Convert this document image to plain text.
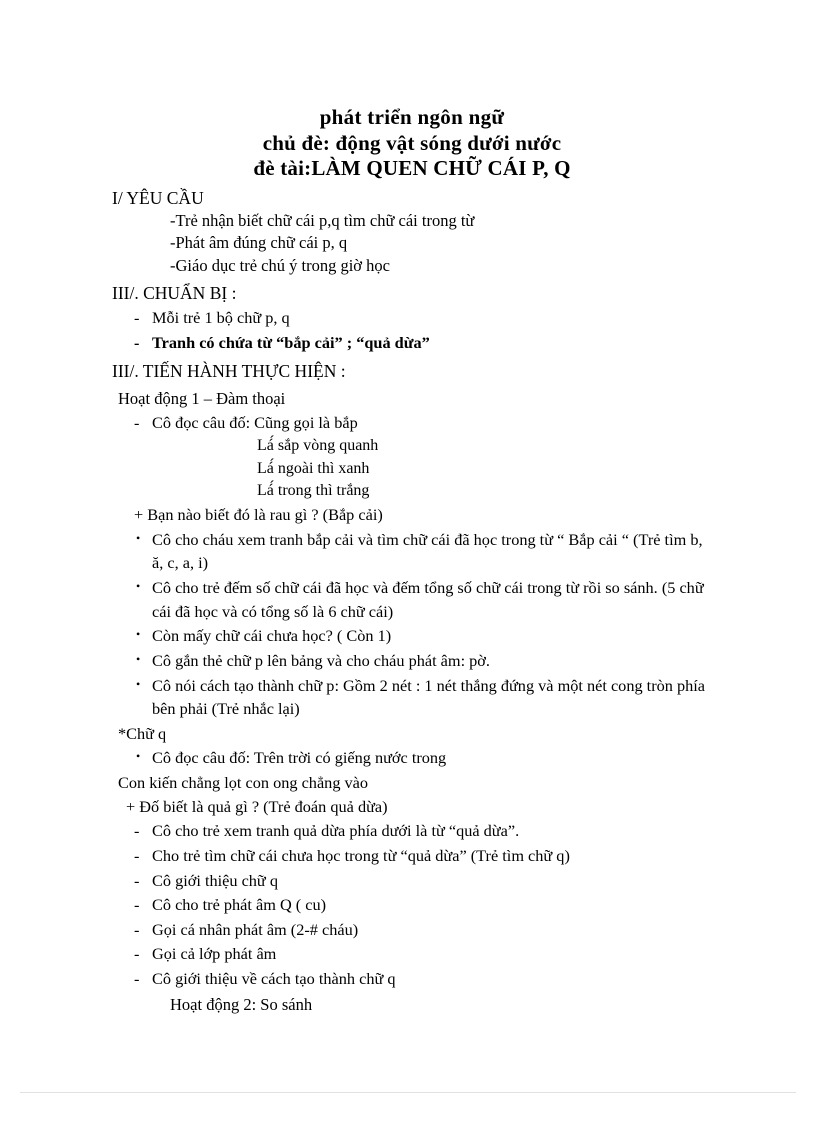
phát triển ngôn ngữ
chủ đè: động vật sóng dưới nước
đè tài:LÀM QUEN CHỮ CÁI P, Q
I/ YÊU CẦU
-Trẻ nhận biết chữ cái p,q tìm chữ cái trong từ
-Phát âm đúng chữ cái p, q
-Giáo dục trẻ chú ý trong giờ học
III/. CHUẨN BỊ :
- Mỗi trẻ 1 bộ chữ p, q
- Tranh có chứa từ “bắp cải” ; “quả dừa”
III/. TIẾN HÀNH THỰC HIỆN :
Hoạt động 1 – Đàm thoại
- Cô đọc câu đố: Cũng gọi là bắp
Lá́ sắp vòng quanh
Lá́ ngoài thì xanh
Lá́ trong thì trắng
+ Bạn nào biết đó là rau gì ? (Bắp cải)
• Cô cho cháu xem tranh bắp cải và tìm chữ cái đã học trong từ “ Bắp cải “ (Trẻ tìm b, ă, c, a, i)
• Cô cho trẻ đếm số chữ cái đã học và đếm tổng số chữ cái trong từ rồi so sánh. (5 chữ cái đã học và có tổng số là 6 chữ cái)
• Còn mấy chữ cái chưa học? ( Còn 1)
• Cô gắn thẻ chữ p lên bảng và cho cháu phát âm: pờ.
• Cô nói cách tạo thành chữ p: Gồm 2 nét : 1 nét thắng đứng và một nét cong tròn phía bên phải (Trẻ nhắc lại)
*Chữ q
• Cô đọc câu đố: Trên trời có giếng nước trong
Con kiến chẳng lọt con ong chẳng vào
+ Đố biết là quả gì ? (Trẻ đoán quả dừa)
- Cô cho trẻ xem tranh quả dừa phía dưới là từ “quả dừa”.
- Cho trẻ tìm chữ cái chưa học trong từ “quả dừa” (Trẻ tìm chữ q)
- Cô giới thiệu chữ q
- Cô cho trẻ phát âm Q ( cu)
- Gọi cá nhân phát âm (2-# cháu)
- Gọi cả lớp phát âm
- Cô giới thiệu về cách tạo thành chữ q
Hoạt động 2: So sánh
